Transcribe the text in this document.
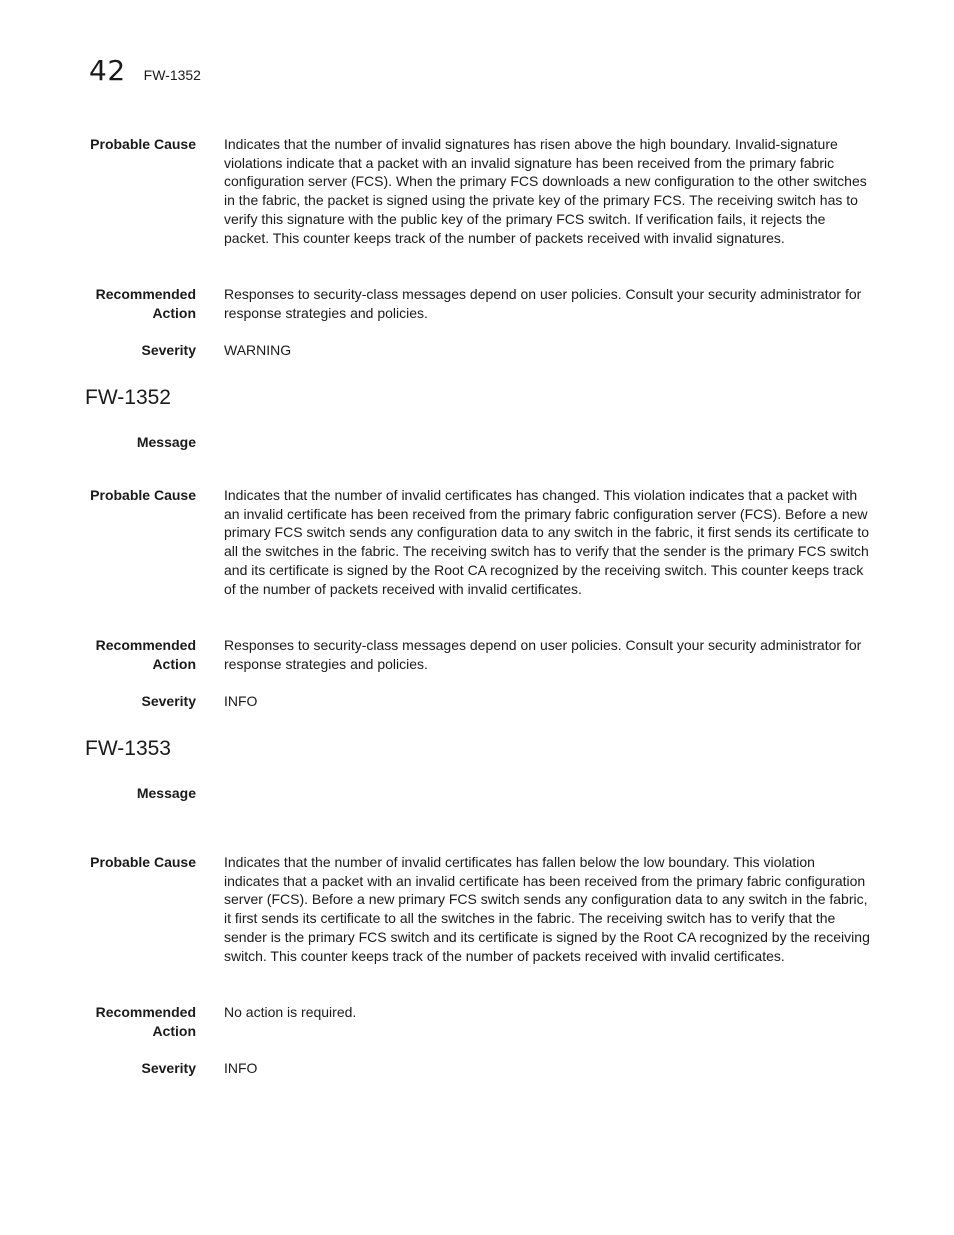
42 FW-1352
Probable Cause Indicates that the number of invalid signatures has risen above the high boundary. Invalid-signature violations indicate that a packet with an invalid signature has been received from the primary fabric configuration server (FCS). When the primary FCS downloads a new configuration to the other switches in the fabric, the packet is signed using the private key of the primary FCS. The receiving switch has to verify this signature with the public key of the primary FCS switch. If verification fails, it rejects the packet. This counter keeps track of the number of packets received with invalid signatures.
Recommended
Action
Responses to security-class messages depend on user policies. Consult your security administrator for response strategies and policies.
Severity WARNING
FW-1352
Message
Probable Cause Indicates that the number of invalid certificates has changed. This violation indicates that a packet with an invalid certificate has been received from the primary fabric configuration server (FCS). Before a new primary FCS switch sends any configuration data to any switch in the fabric, it first sends its certificate to all the switches in the fabric. The receiving switch has to verify that the sender is the primary FCS switch and its certificate is signed by the Root CA recognized by the receiving switch. This counter keeps track of the number of packets received with invalid certificates.
Recommended
Action
Responses to security-class messages depend on user policies. Consult your security administrator for response strategies and policies.
Severity INFO
FW-1353
Message
Probable Cause Indicates that the number of invalid certificates has fallen below the low boundary. This violation indicates that a packet with an invalid certificate has been received from the primary fabric configuration server (FCS). Before a new primary FCS switch sends any configuration data to any switch in the fabric, it first sends its certificate to all the switches in the fabric. The receiving switch has to verify that the sender is the primary FCS switch and its certificate is signed by the Root CA recognized by the receiving switch. This counter keeps track of the number of packets received with invalid certificates.
Recommended
Action
No action is required.
Severity INFO
